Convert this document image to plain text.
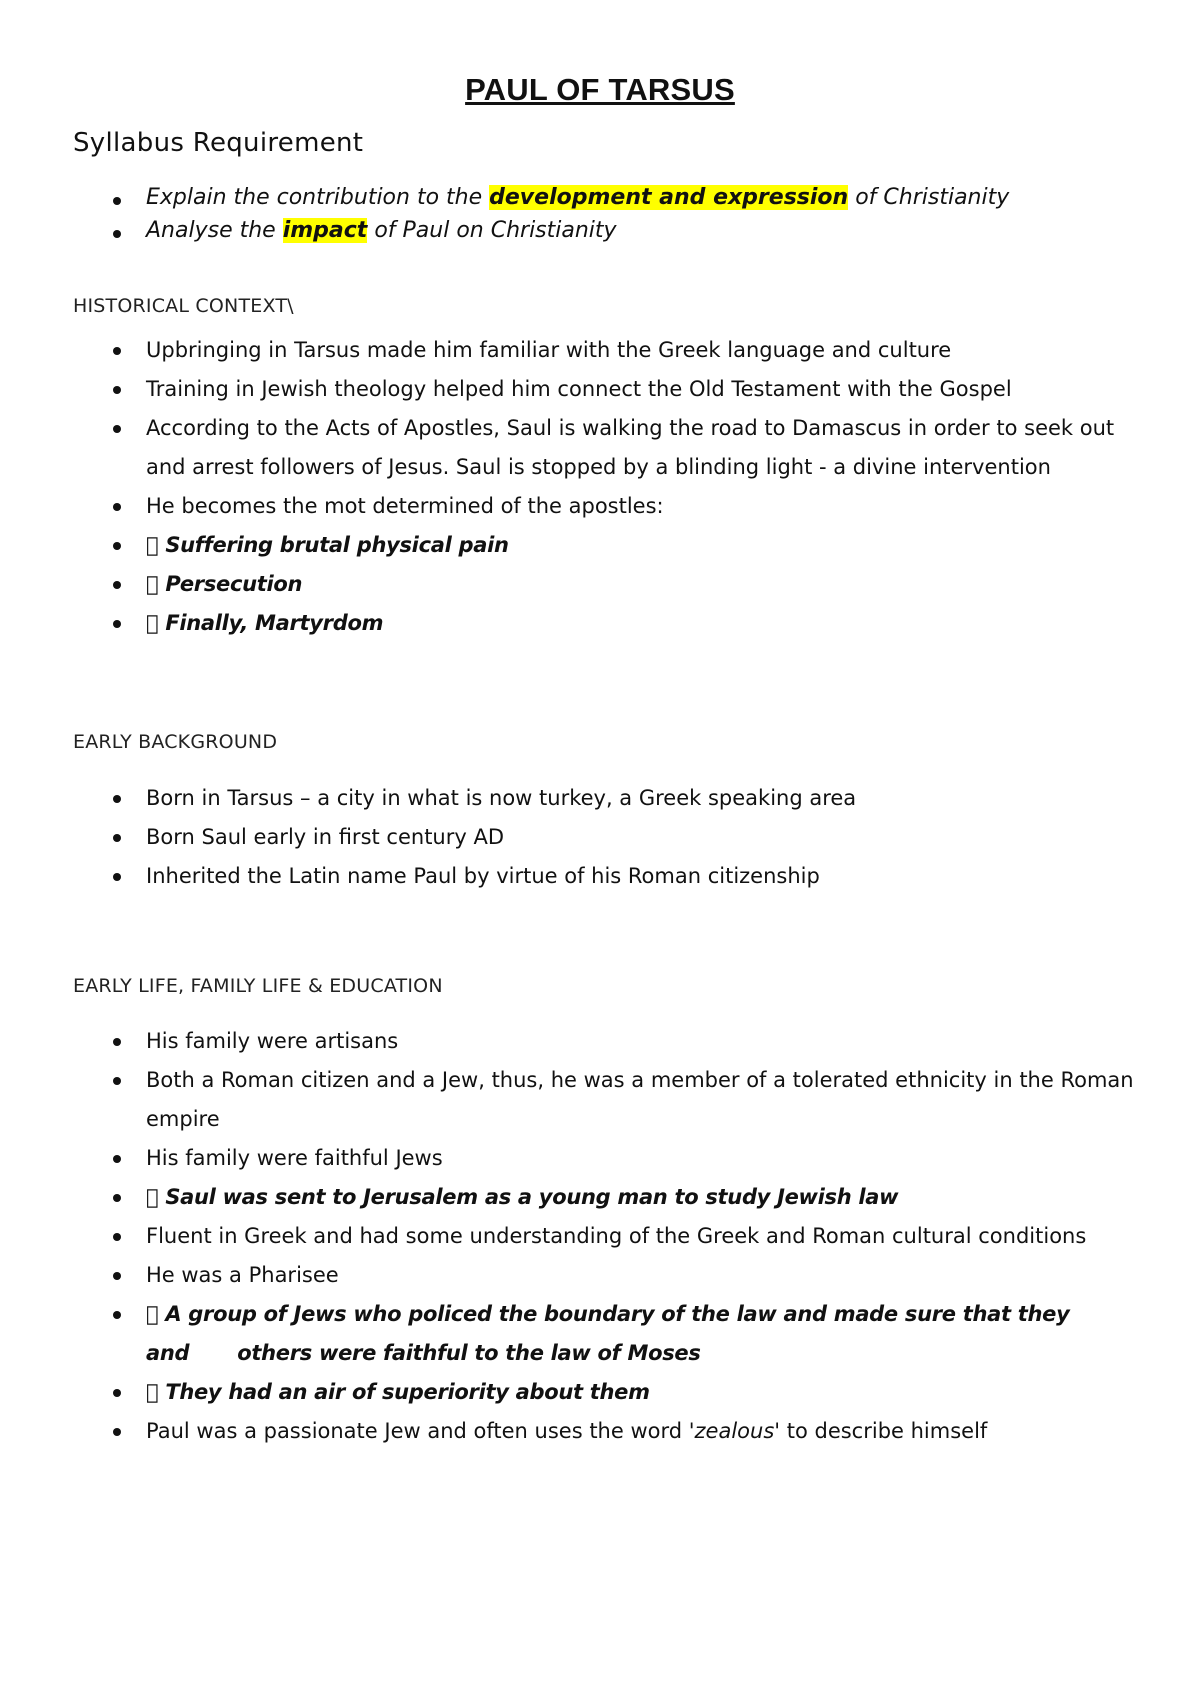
PAUL OF TARSUS
Syllabus Requirement
Explain the contribution to the development and expression of Christianity
Analyse the impact of Paul on Christianity
HISTORICAL CONTEXT\
Upbringing in Tarsus made him familiar with the Greek language and culture
Training in Jewish theology helped him connect the Old Testament with the Gospel
According to the Acts of Apostles, Saul is walking the road to Damascus in order to seek out and arrest followers of Jesus. Saul is stopped by a blinding light - a divine intervention
He becomes the mot determined of the apostles:
Suffering brutal physical pain
Persecution
Finally, Martyrdom
EARLY BACKGROUND
Born in Tarsus – a city in what is now turkey, a Greek speaking area
Born Saul early in first century AD
Inherited the Latin name Paul by virtue of his Roman citizenship
EARLY LIFE, FAMILY LIFE & EDUCATION
His family were artisans
Both a Roman citizen and a Jew, thus, he was a member of a tolerated ethnicity in the Roman empire
His family were faithful Jews
Saul was sent to Jerusalem as a young man to study Jewish law
Fluent in Greek and had some understanding of the Greek and Roman cultural conditions
He was a Pharisee
A group of Jews who policed the boundary of the law and made sure that they
and others were faithful to the law of Moses
They had an air of superiority about them
Paul was a passionate Jew and often uses the word 'zealous' to describe himself
